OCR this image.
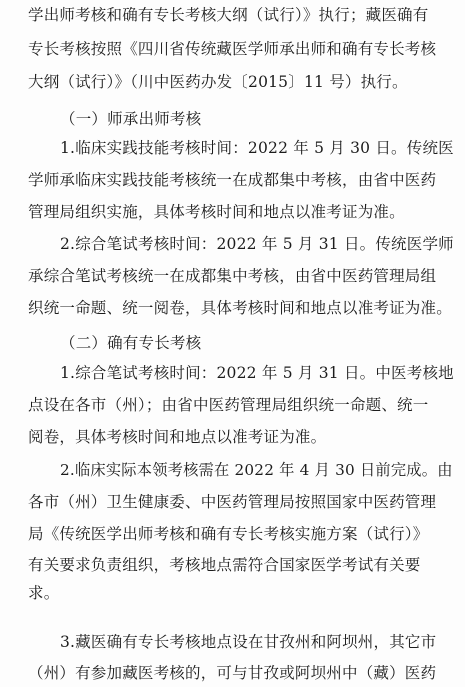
学出师考核和确有专长考核大纲（试行）》执行；藏医确有
专长考核按照《四川省传统藏医学师承出师和确有专长考核
大纲（试行）》（川中医药办发〔2015〕11 号）执行。
（一）师承出师考核
1.临床实践技能考核时间：2022 年 5 月 30 日。传统医
学师承临床实践技能考核统一在成都集中考核，由省中医药
管理局组织实施，具体考核时间和地点以准考证为准。
2.综合笔试考核时间：2022 年 5 月 31 日。传统医学师
承综合笔试考核统一在成都集中考核，由省中医药管理局组
织统一命题、统一阅卷，具体考核时间和地点以准考证为准。
（二）确有专长考核
1.综合笔试考核时间：2022 年 5 月 31 日。中医考核地
点设在各市（州）；由省中医药管理局组织统一命题、统一
阅卷，具体考核时间和地点以准考证为准。
2.临床实际本领考核需在 2022 年 4 月 30 日前完成。由
各市（州）卫生健康委、中医药管理局按照国家中医药管理
局《传统医学出师考核和确有专长考核实施方案（试行）》
有关要求负责组织，考核地点需符合国家医学考试有关要
求。
3.藏医确有专长考核地点设在甘孜州和阿坝州，其它市
（州）有参加藏医考核的，可与甘孜或阿坝州中（藏）医药
